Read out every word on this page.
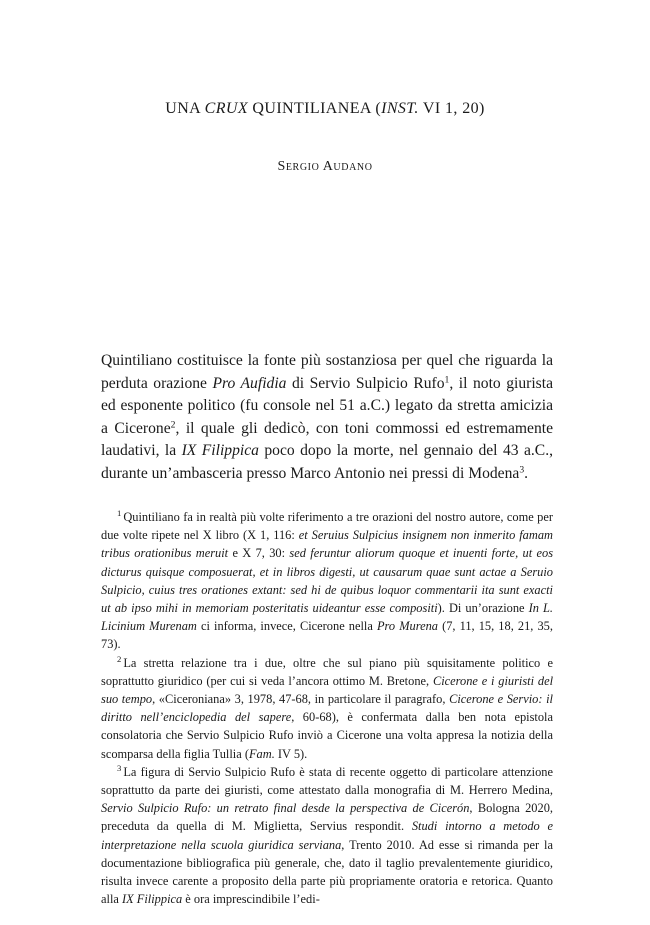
UNA CRUX QUINTILIANEA (INST. VI 1, 20)
Sergio Audano

Quintiliano costituisce la fonte più sostanziosa per quel che riguarda la perduta orazione Pro Aufidia di Servio Sulpicio Rufo$^1$, il noto giurista ed esponente politico (fu console nel 51 a.C.) legato da stretta amicizia a Cicerone$^2$, il quale gli dedicò, con toni commossi ed estremamente laudativi, la IX Filippica poco dopo la morte, nel gennaio del 43 a.C., durante un’ambasceria presso Marco Antonio nei pressi di Modena$^3$.

$^1$ Quintiliano fa in realtà più volte riferimento a tre orazioni del nostro autore, come per due volte ripete nel X libro (X 1, 116: et Seruius Sulpicius insignem non inmerito famam tribus orationibus meruit e X 7, 30: sed feruntur aliorum quoque et inuenti forte, ut eos dicturus quisque composuerat, et in libros digesti, ut causarum quae sunt actae a Seruio Sulpicio, cuius tres orationes extant: sed hi de quibus loquor commentarii ita sunt exacti ut ab ipso mihi in memoriam posteritatis uideantur esse compositi). Di un’orazione In L. Licinium Murenam ci informa, invece, Cicerone nella Pro Murena (7, 11, 15, 18, 21, 35, 73).

$^2$ La stretta relazione tra i due, oltre che sul piano più squisitamente politico e soprattutto giuridico (per cui si veda l’ancora ottimo M. Bretone, Cicerone e i giuristi del suo tempo, «Ciceroniana» 3, 1978, 47-68, in particolare il paragrafo, Cicerone e Servio: il diritto nell’enciclopedia del sapere, 60-68), è confermata dalla ben nota epistola consolatoria che Servio Sulpicio Rufo inviò a Cicerone una volta appresa la notizia della scomparsa della figlia Tullia (Fam. IV 5).

$^3$ La figura di Servio Sulpicio Rufo è stata di recente oggetto di particolare attenzione soprattutto da parte dei giuristi, come attestato dalla monografia di M. Herrero Medina, Servio Sulpicio Rufo: un retrato final desde la perspectiva de Cicerón, Bologna 2020, preceduta da quella di M. Miglietta, Servius respondit. Studi intorno a metodo e interpretazione nella scuola giuridica serviana, Trento 2010. Ad esse si rimanda per la documentazione bibliografica più generale, che, dato il taglio prevalentemente giuridico, risulta invece carente a proposito della parte più propriamente oratoria e retorica. Quanto alla IX Filippica è ora imprescindibile l’edi-
